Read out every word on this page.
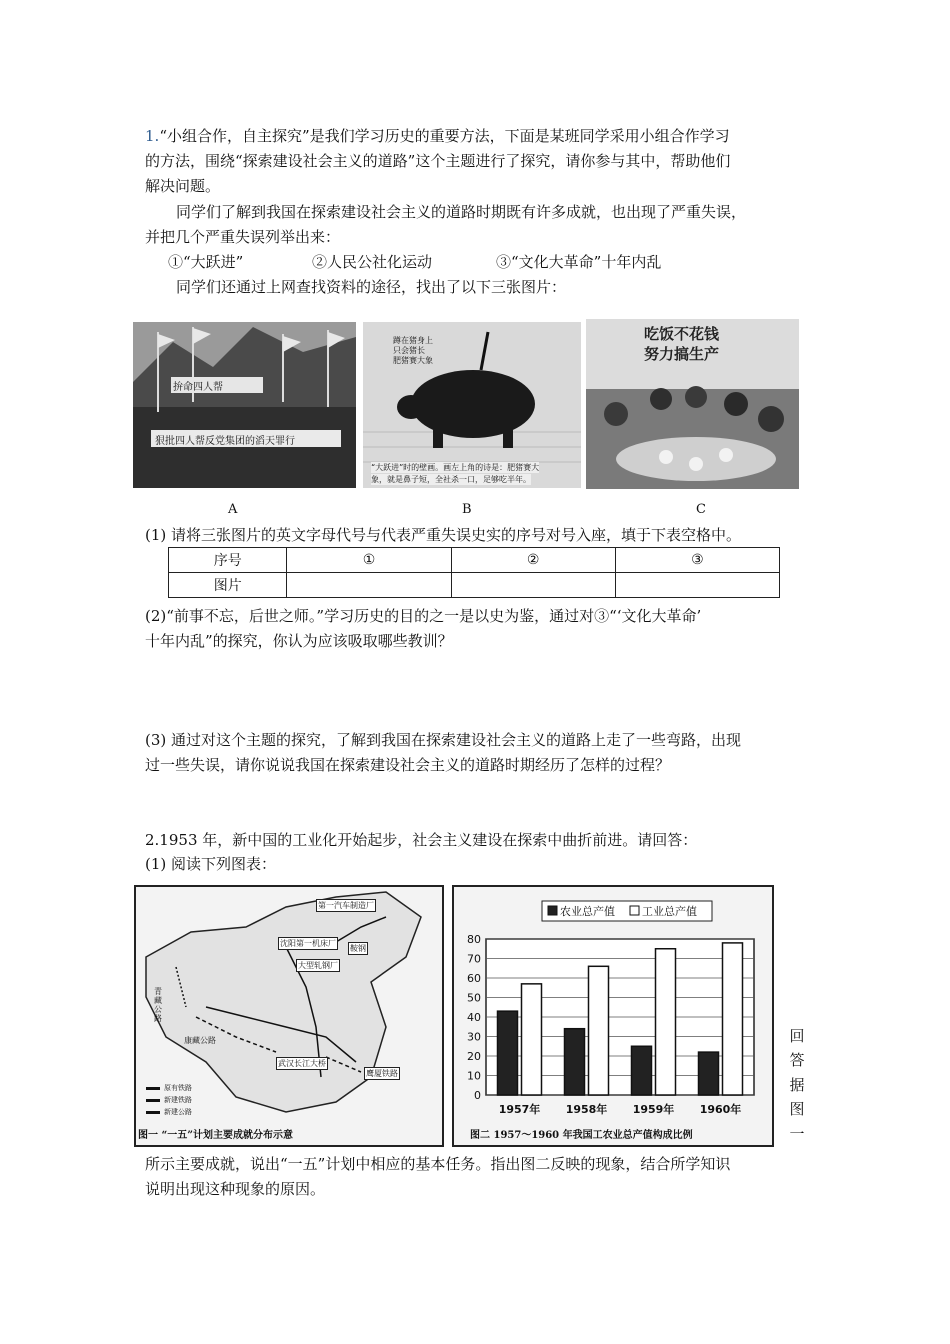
1.“小组合作，自主探究”是我们学习历史的重要方法，下面是某班同学采用小组合作学习
的方法，围绕“探索建设社会主义的道路”这个主题进行了探究，请你参与其中，帮助他们
解决问题。
同学们了解到我国在探索建设社会主义的道路时期既有许多成就，也出现了严重失误，
并把几个严重失误列举出来：
①“大跃进”	②人民公社化运动	③“文化大革命”十年内乱
同学们还通过上网查找资料的途径，找出了以下三张图片：
拚命四人帮
狠批四人帮反党集团的滔天罪行
蹲在猪身上 只会猪长 肥猪赛大象
“大跃进”时的壁画。画左上角的诗是：肥猪赛大
象，就是鼻子短，全社杀一口，足够吃半年。
吃饭不花钱
努力搞生产
A	B	C
(1) 请将三张图片的英文字母代号与代表严重失误史实的序号对号入座，填于下表空格中。
序号	①	②	③
图片			
(2)“前事不忘，后世之师。”学习历史的目的之一是以史为鉴，通过对③“‘文化大革命’
十年内乱”的探究，你认为应该吸取哪些教训？
(3) 通过对这个主题的探究，了解到我国在探索建设社会主义的道路上走了一些弯路，出现
过一些失误，请你说说我国在探索建设社会主义的道路时期经历了怎样的过程？
2.1953 年，新中国的工业化开始起步，社会主义建设在探索中曲折前进。请回答：
(1) 阅读下列图表：
第一汽车制造厂
沈阳第一机床厂
鞍钢
大型轧钢厂
青藏公路
康藏公路
武汉长江大桥
鹰厦铁路
原有铁路
新建铁路
新建公路
图一 “一五”计划主要成就分布示意
0
10
20
30
40
50
60
70
80
农业总产值 工业总产值
1957年 1958年 1959年 1960年
图二 1957～1960 年我国工农业总产值构成比例
回
答
据
图
一
所示主要成就，说出“一五”计划中相应的基本任务。指出图二反映的现象，结合所学知识
说明出现这种现象的原因。
